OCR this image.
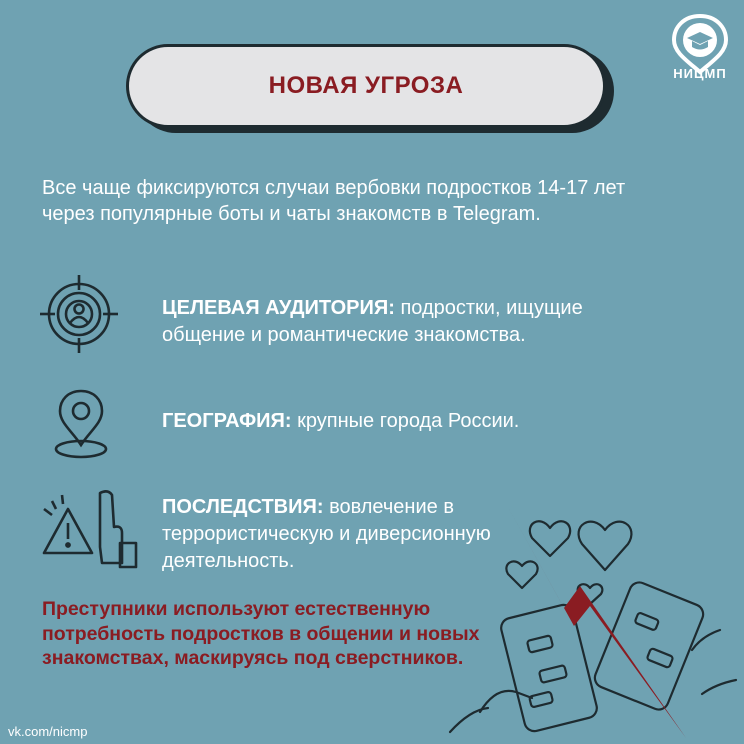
НОВАЯ УГРОЗА	НИЦМП
Все чаще фиксируются случаи вербовки подростков 14-17 лет через популярные боты и чаты знакомств в Telegram.
ЦЕЛЕВАЯ АУДИТОРИЯ: подростки, ищущие общение и романтические знакомства.
ГЕОГРАФИЯ: крупные города России.
ПОСЛЕДСТВИЯ: вовлечение в террористическую и диверсионную деятельность.
Преступники используют естественную потребность подростков в общении и новых знакомствах, маскируясь под сверстников.
vk.com/nicmp
